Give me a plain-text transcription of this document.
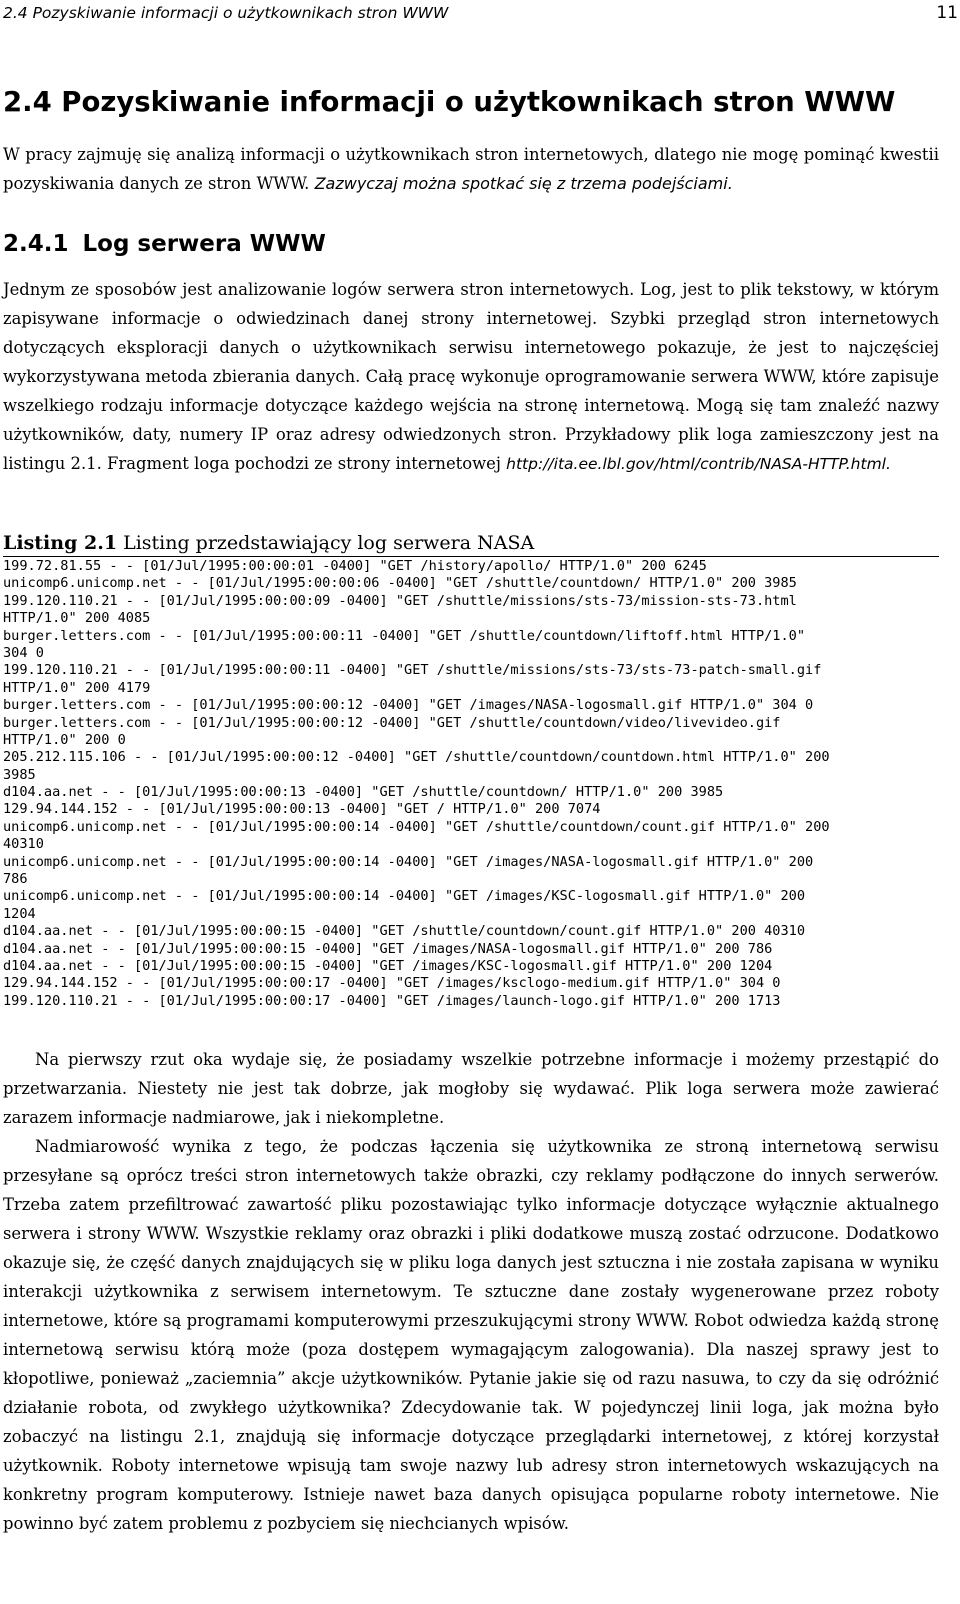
2.4 Pozyskiwanie informacji o użytkownikach stron WWW	11
2.4 Pozyskiwanie informacji o użytkownikach stron WWW

W pracy zajmuję się analizą informacji o użytkownikach stron internetowych, dlatego nie mogę pominąć kwestii pozyskiwania danych ze stron WWW. Zazwyczaj można spotkać się z trzema podejściami.

2.4.1 Log serwera WWW

Jednym ze sposobów jest analizowanie logów serwera stron internetowych. Log, jest to plik tekstowy, w którym zapisywane informacje o odwiedzinach danej strony internetowej. Szybki przegląd stron internetowych dotyczących eksploracji danych o użytkownikach serwisu internetowego pokazuje, że jest to najczęściej wykorzystywana metoda zbierania danych. Całą pracę wykonuje oprogramowanie serwera WWW, które zapisuje wszelkiego rodzaju informacje dotyczące każdego wejścia na stronę internetową. Mogą się tam znaleźć nazwy użytkowników, daty, numery IP oraz adresy odwiedzonych stron. Przykładowy plik loga zamieszczony jest na listingu 2.1. Fragment loga pochodzi ze strony internetowej http://ita.ee.lbl.gov/html/contrib/NASA-HTTP.html.

Listing 2.1 Listing przedstawiający log serwera NASA
199.72.81.55 - - [01/Jul/1995:00:00:01 -0400] "GET /history/apollo/ HTTP/1.0" 200 6245
unicomp6.unicomp.net - - [01/Jul/1995:00:00:06 -0400] "GET /shuttle/countdown/ HTTP/1.0" 200 3985
199.120.110.21 - - [01/Jul/1995:00:00:09 -0400] "GET /shuttle/missions/sts-73/mission-sts-73.html
HTTP/1.0" 200 4085
burger.letters.com - - [01/Jul/1995:00:00:11 -0400] "GET /shuttle/countdown/liftoff.html HTTP/1.0"
304 0
199.120.110.21 - - [01/Jul/1995:00:00:11 -0400] "GET /shuttle/missions/sts-73/sts-73-patch-small.gif
HTTP/1.0" 200 4179
burger.letters.com - - [01/Jul/1995:00:00:12 -0400] "GET /images/NASA-logosmall.gif HTTP/1.0" 304 0
burger.letters.com - - [01/Jul/1995:00:00:12 -0400] "GET /shuttle/countdown/video/livevideo.gif
HTTP/1.0" 200 0
205.212.115.106 - - [01/Jul/1995:00:00:12 -0400] "GET /shuttle/countdown/countdown.html HTTP/1.0" 200
3985
d104.aa.net - - [01/Jul/1995:00:00:13 -0400] "GET /shuttle/countdown/ HTTP/1.0" 200 3985
129.94.144.152 - - [01/Jul/1995:00:00:13 -0400] "GET / HTTP/1.0" 200 7074
unicomp6.unicomp.net - - [01/Jul/1995:00:00:14 -0400] "GET /shuttle/countdown/count.gif HTTP/1.0" 200
40310
unicomp6.unicomp.net - - [01/Jul/1995:00:00:14 -0400] "GET /images/NASA-logosmall.gif HTTP/1.0" 200
786
unicomp6.unicomp.net - - [01/Jul/1995:00:00:14 -0400] "GET /images/KSC-logosmall.gif HTTP/1.0" 200
1204
d104.aa.net - - [01/Jul/1995:00:00:15 -0400] "GET /shuttle/countdown/count.gif HTTP/1.0" 200 40310
d104.aa.net - - [01/Jul/1995:00:00:15 -0400] "GET /images/NASA-logosmall.gif HTTP/1.0" 200 786
d104.aa.net - - [01/Jul/1995:00:00:15 -0400] "GET /images/KSC-logosmall.gif HTTP/1.0" 200 1204
129.94.144.152 - - [01/Jul/1995:00:00:17 -0400] "GET /images/ksclogo-medium.gif HTTP/1.0" 304 0
199.120.110.21 - - [01/Jul/1995:00:00:17 -0400] "GET /images/launch-logo.gif HTTP/1.0" 200 1713

Na pierwszy rzut oka wydaje się, że posiadamy wszelkie potrzebne informacje i możemy przestąpić do przetwarzania. Niestety nie jest tak dobrze, jak mogłoby się wydawać. Plik loga serwera może zawierać zarazem informacje nadmiarowe, jak i niekompletne.

Nadmiarowość wynika z tego, że podczas łączenia się użytkownika ze stroną internetową serwisu przesyłane są oprócz treści stron internetowych także obrazki, czy reklamy podłączone do innych serwerów. Trzeba zatem przefiltrować zawartość pliku pozostawiając tylko informacje dotyczące wyłącznie aktualnego serwera i strony WWW. Wszystkie reklamy oraz obrazki i pliki dodatkowe muszą zostać odrzucone. Dodatkowo okazuje się, że część danych znajdujących się w pliku loga danych jest sztuczna i nie została zapisana w wyniku interakcji użytkownika z serwisem internetowym. Te sztuczne dane zostały wygenerowane przez roboty internetowe, które są programami komputerowymi przeszukującymi strony WWW. Robot odwiedza każdą stronę internetową serwisu którą może (poza dostępem wymagającym zalogowania). Dla naszej sprawy jest to kłopotliwe, ponieważ „zaciemnia” akcje użytkowników. Pytanie jakie się od razu nasuwa, to czy da się odróżnić działanie robota, od zwykłego użytkownika? Zdecydowanie tak. W pojedynczej linii loga, jak można było zobaczyć na listingu 2.1, znajdują się informacje dotyczące przeglądarki internetowej, z której korzystał użytkownik. Roboty internetowe wpisują tam swoje nazwy lub adresy stron internetowych wskazujących na konkretny program komputerowy. Istnieje nawet baza danych opisująca popularne roboty internetowe. Nie powinno być zatem problemu z pozbyciem się niechcianych wpisów.
